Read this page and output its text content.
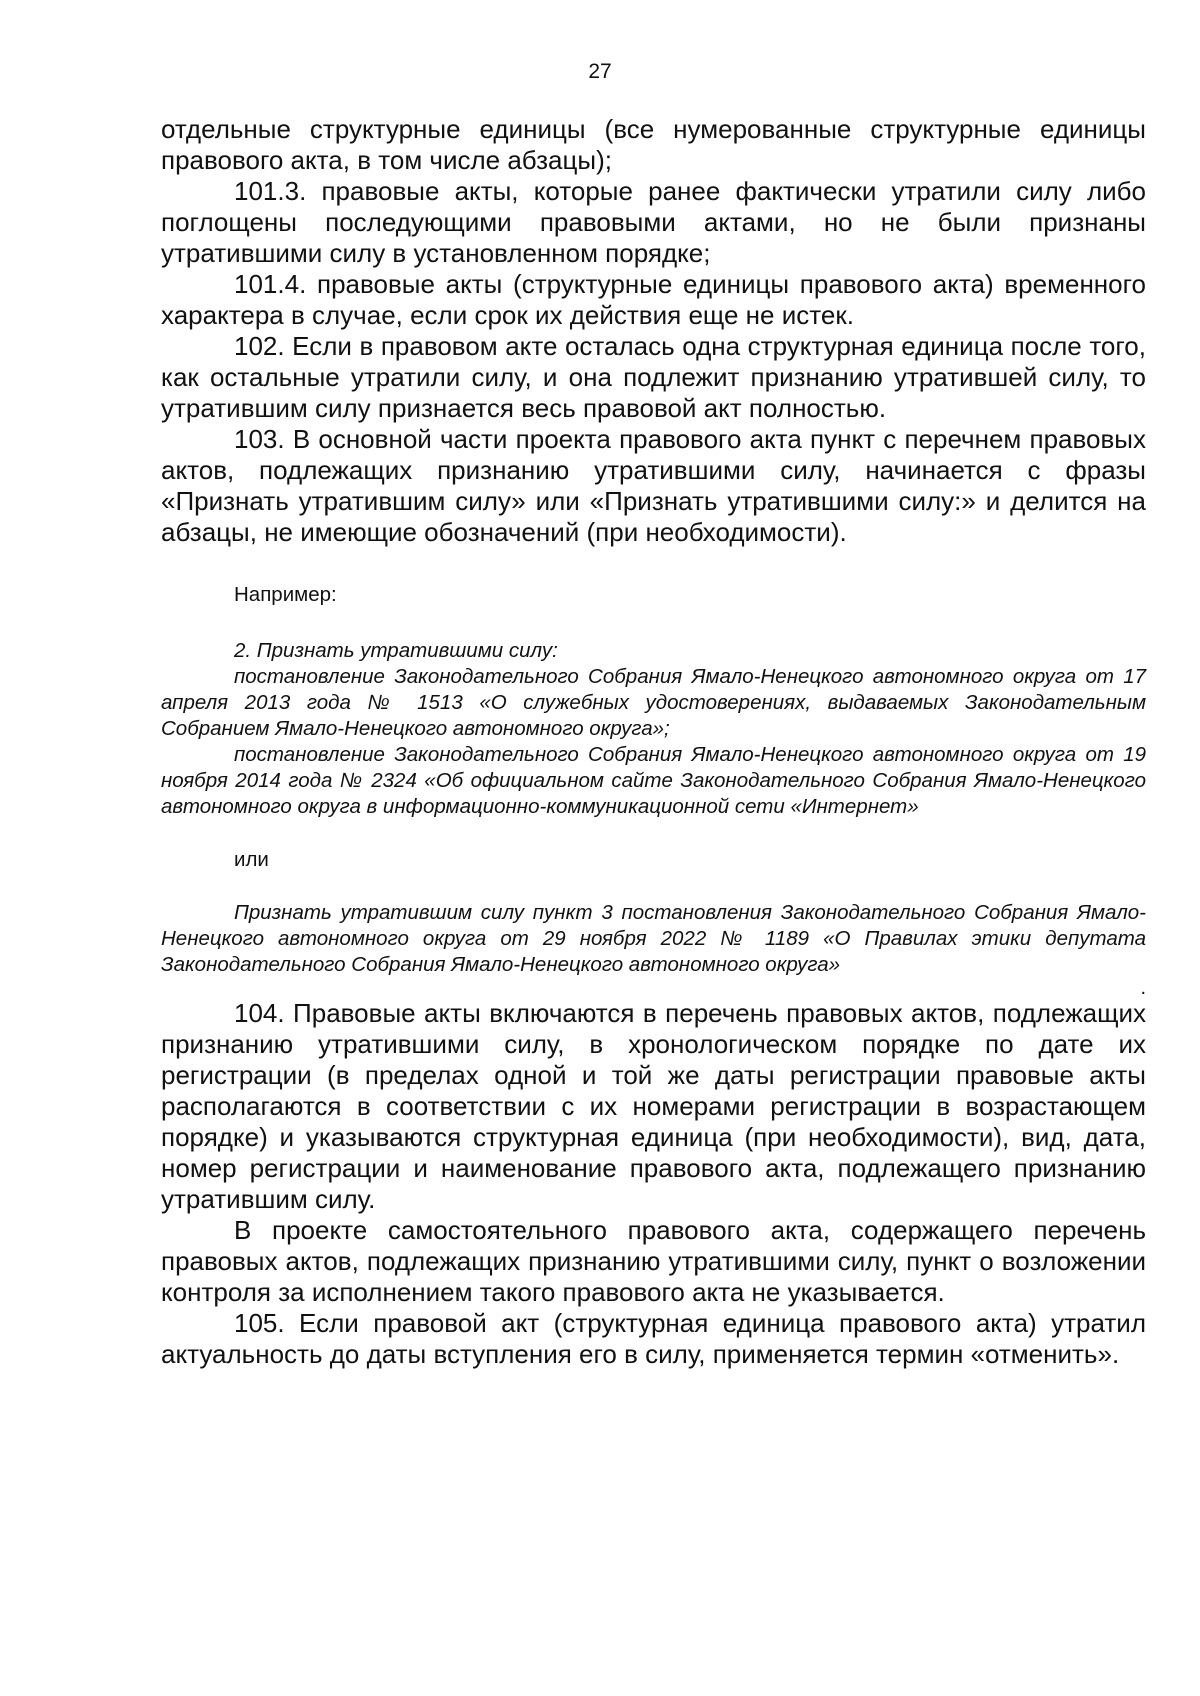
27

отдельные структурные единицы (все нумерованные структурные единицы правового акта, в том числе абзацы);

101.3. правовые акты, которые ранее фактически утратили силу либо поглощены последующими правовыми актами, но не были признаны утратившими силу в установленном порядке;

101.4. правовые акты (структурные единицы правового акта) временного характера в случае, если срок их действия еще не истек.

102. Если в правовом акте осталась одна структурная единица после того, как остальные утратили силу, и она подлежит признанию утратившей силу, то утратившим силу признается весь правовой акт полностью.

103. В основной части проекта правового акта пункт с перечнем правовых актов, подлежащих признанию утратившими силу, начинается с фразы «Признать утратившим силу» или «Признать утратившими силу:» и делится на абзацы, не имеющие обозначений (при необходимости).

Например:

2. Признать утратившими силу:

постановление Законодательного Собрания Ямало-Ненецкого автономного округа от 17 апреля 2013 года № 1513 «О служебных удостоверениях, выдаваемых Законодательным Собранием Ямало-Ненецкого автономного округа»;

постановление Законодательного Собрания Ямало-Ненецкого автономного округа от 19 ноября 2014 года № 2324 «Об официальном сайте Законодательного Собрания Ямало-Ненецкого автономного округа в информационно-коммуникационной сети «Интернет»

или

Признать утратившим силу пункт 3 постановления Законодательного Собрания Ямало-Ненецкого автономного округа от 29 ноября 2022 № 1189 «О Правилах этики депутата Законодательного Собрания Ямало-Ненецкого автономного округа»

.

104. Правовые акты включаются в перечень правовых актов, подлежащих признанию утратившими силу, в хронологическом порядке по дате их регистрации (в пределах одной и той же даты регистрации правовые акты располагаются в соответствии с их номерами регистрации в возрастающем порядке) и указываются структурная единица (при необходимости), вид, дата, номер регистрации и наименование правового акта, подлежащего признанию утратившим силу.

В проекте самостоятельного правового акта, содержащего перечень правовых актов, подлежащих признанию утратившими силу, пункт о возложении контроля за исполнением такого правового акта не указывается.

105. Если правовой акт (структурная единица правового акта) утратил актуальность до даты вступления его в силу, применяется термин «отменить».
